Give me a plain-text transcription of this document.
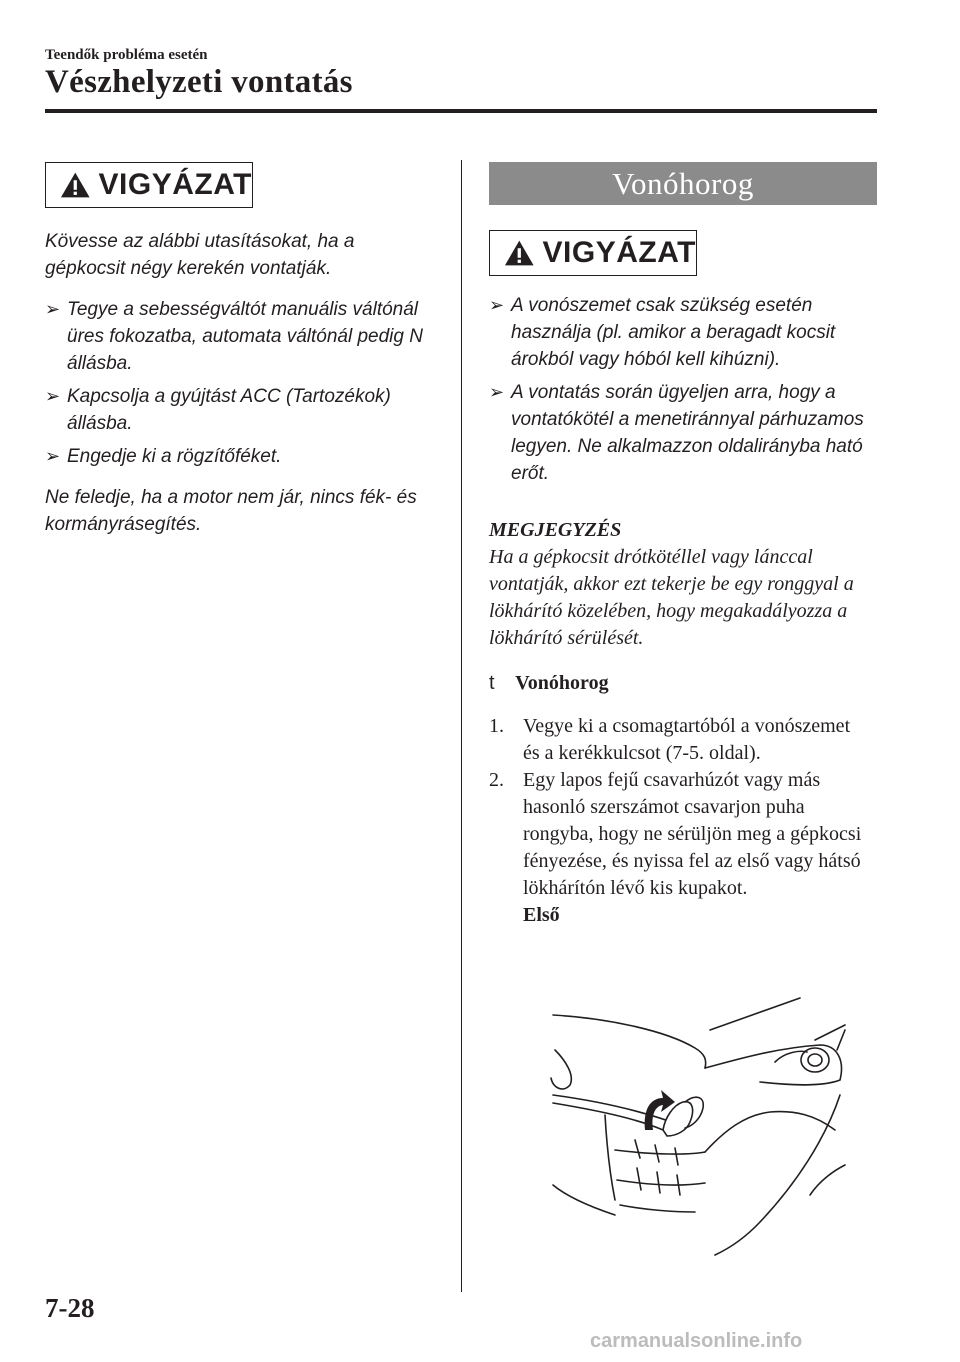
Teendők probléma esetén
Vészhelyzeti vontatás
VIGYÁZAT
Kövesse az alábbi utasításokat, ha a gépkocsit négy kerekén vontatják.
➢ Tegye a sebességváltót manuális váltónál üres fokozatba, automata váltónál pedig N állásba.
➢ Kapcsolja a gyújtást ACC (Tartozékok) állásba.
➢ Engedje ki a rögzítőféket.
Ne feledje, ha a motor nem jár, nincs fék- és kormányrásegítés.
Vonóhorog
VIGYÁZAT
➢ A vonószemet csak szükség esetén használja (pl. amikor a beragadt kocsit árokból vagy hóból kell kihúzni).
➢ A vontatás során ügyeljen arra, hogy a vontatókötél a menetiránnyal párhuzamos legyen. Ne alkalmazzon oldalirányba ható erőt.
MEGJEGYZÉS
Ha a gépkocsit drótkötéllel vagy lánccal vontatják, akkor ezt tekerje be egy ronggyal a lökhárító közelében, hogy megakadályozza a lökhárító sérülését.
t Vonóhorog
1. Vegye ki a csomagtartóból a vonószemet és a kerékkulcsot (7-5. oldal).
2. Egy lapos fejű csavarhúzót vagy más hasonló szerszámot csavarjon puha rongyba, hogy ne sérüljön meg a gépkocsi fényezése, és nyissa fel az első vagy hátsó lökhárítón lévő kis kupakot.
Első
7-28
carmanualsonline.info
